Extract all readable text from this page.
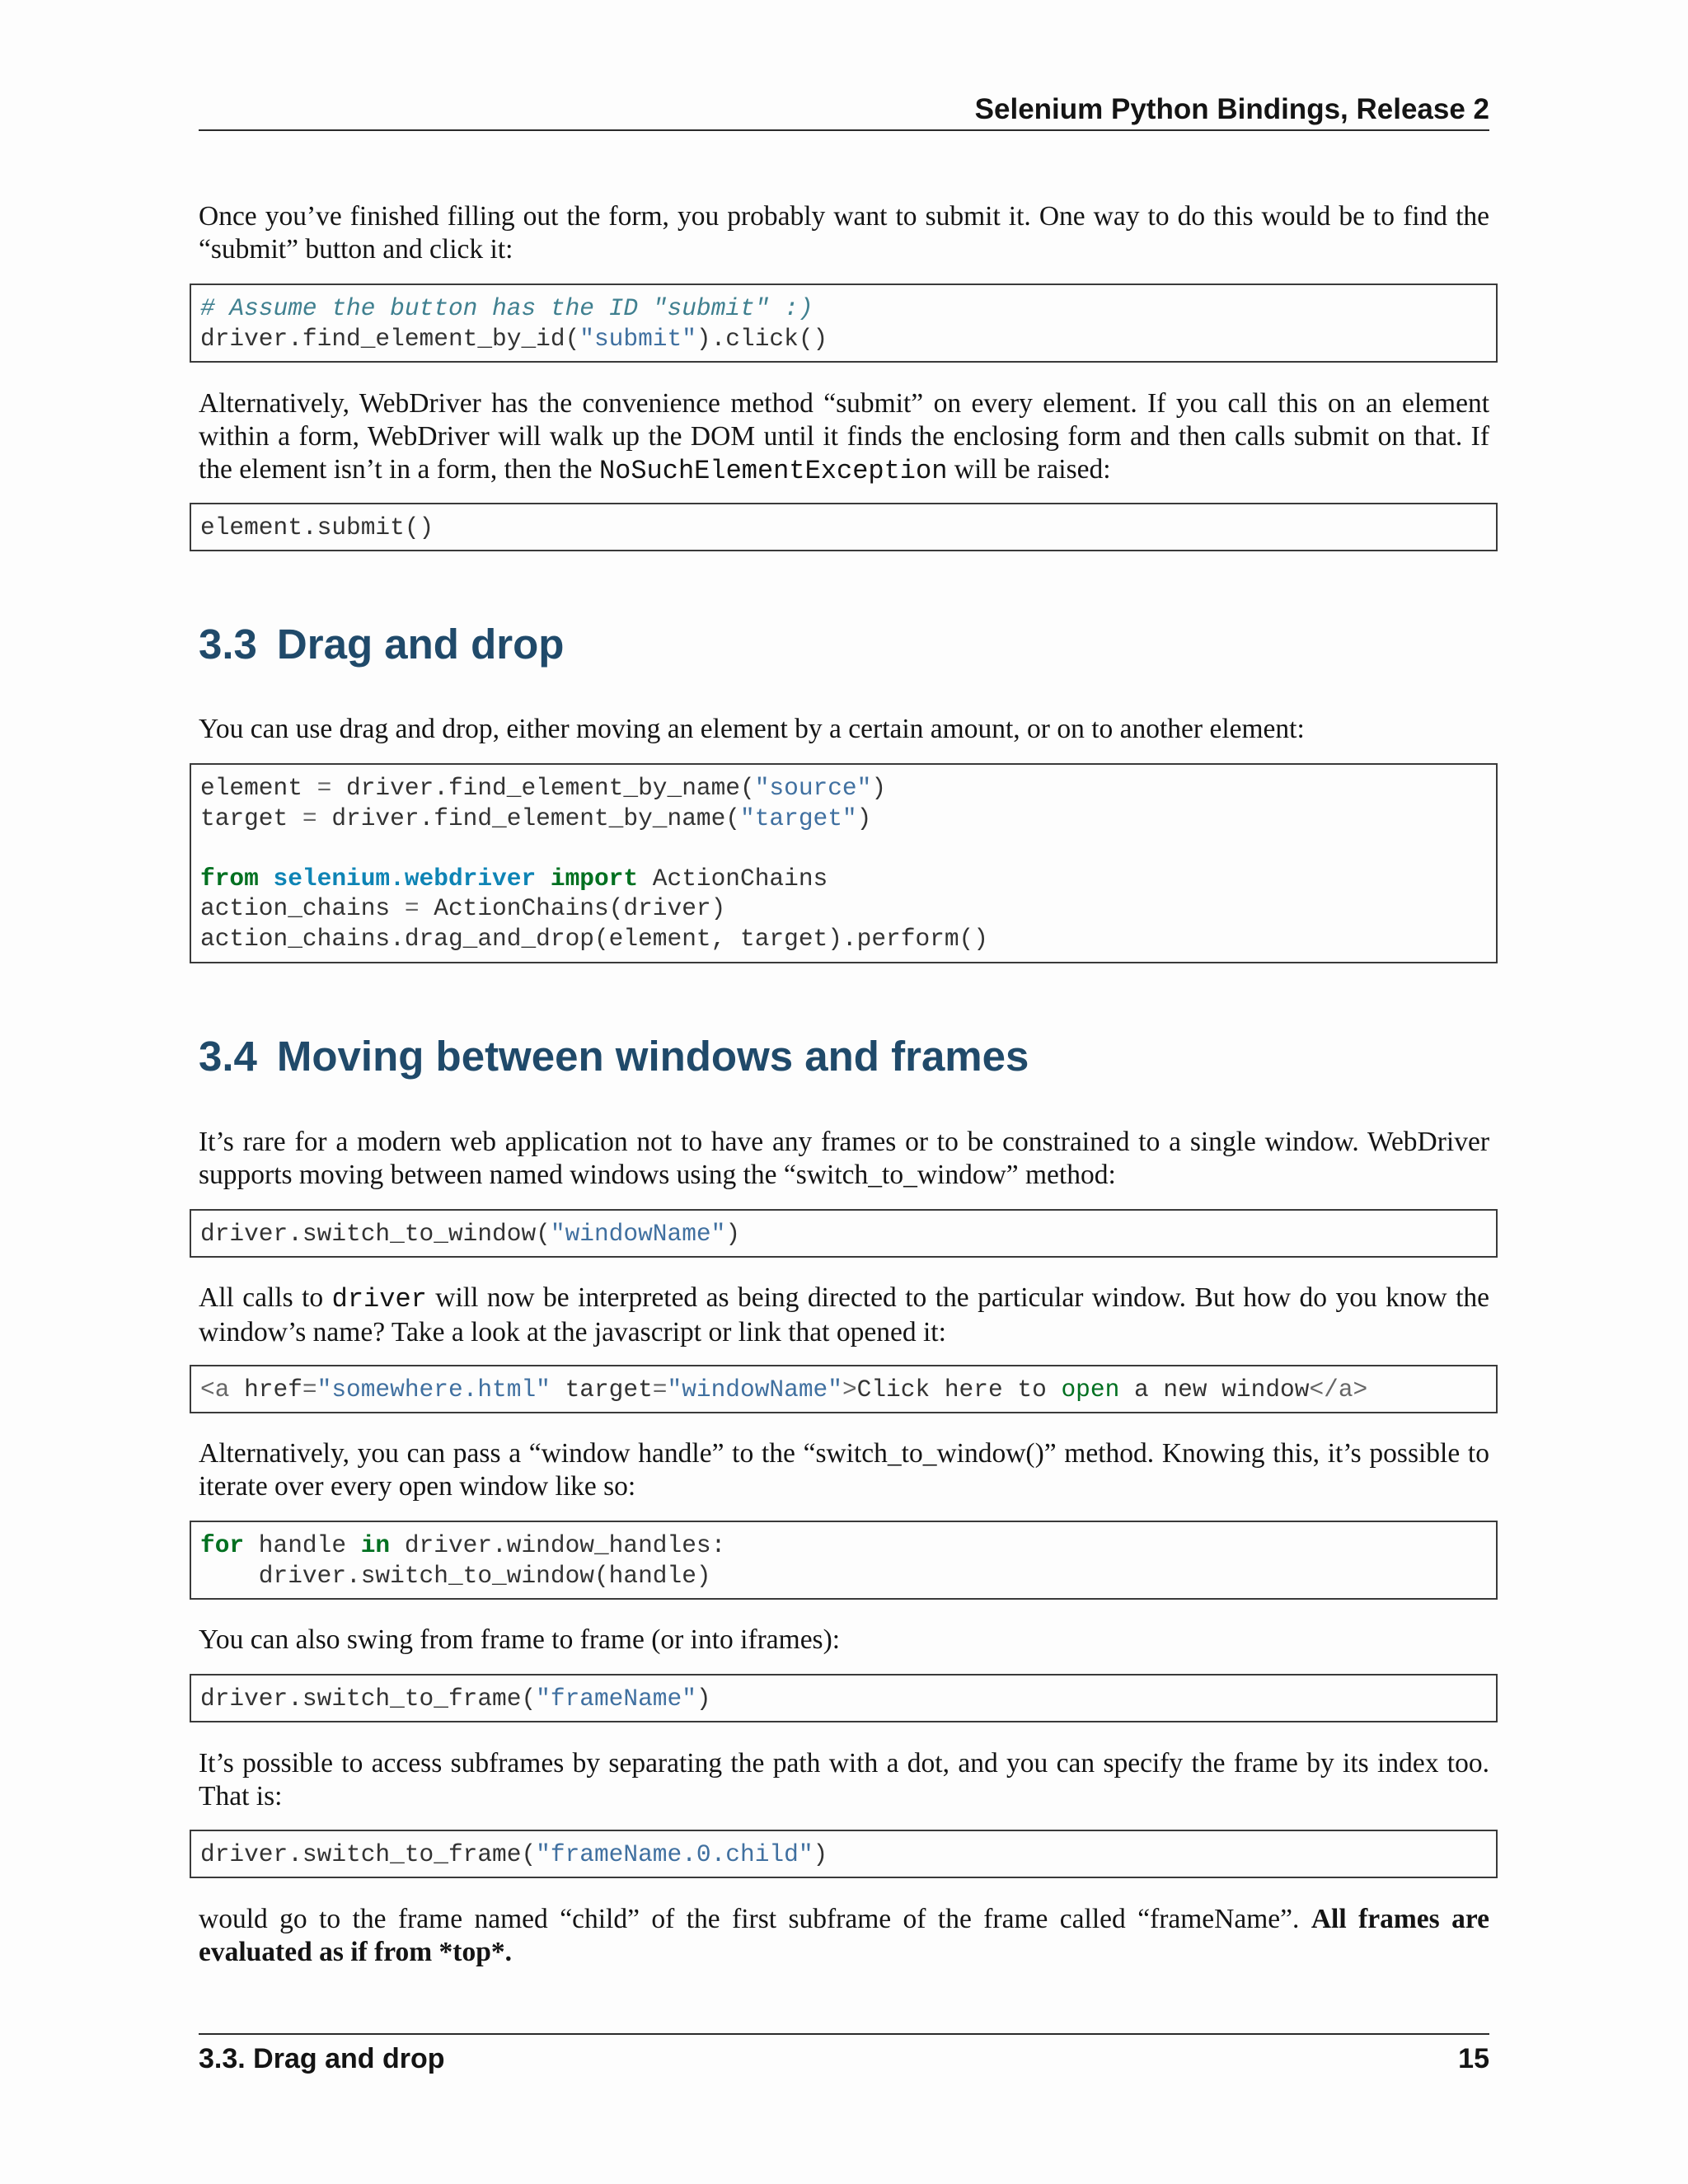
Selenium Python Bindings, Release 2
Once you’ve finished filling out the form, you probably want to submit it. One way to do this would be to find the “submit” button and click it:
# Assume the button has the ID "submit" :)
driver.find_element_by_id("submit").click()
Alternatively, WebDriver has the convenience method “submit” on every element. If you call this on an element within a form, WebDriver will walk up the DOM until it finds the enclosing form and then calls submit on that. If the element isn’t in a form, then the NoSuchElementException will be raised:
element.submit()
3.3 Drag and drop
You can use drag and drop, either moving an element by a certain amount, or on to another element:
element = driver.find_element_by_name("source")
target = driver.find_element_by_name("target")
from selenium.webdriver import ActionChains
action_chains = ActionChains(driver)
action_chains.drag_and_drop(element, target).perform()
3.4 Moving between windows and frames
It’s rare for a modern web application not to have any frames or to be constrained to a single window. WebDriver supports moving between named windows using the “switch_to_window” method:
driver.switch_to_window("windowName")
All calls to driver will now be interpreted as being directed to the particular window. But how do you know the window’s name? Take a look at the javascript or link that opened it:
<a href="somewhere.html" target="windowName">Click here to open a new window</a>
Alternatively, you can pass a “window handle” to the “switch_to_window()” method. Knowing this, it’s possible to iterate over every open window like so:
for handle in driver.window_handles:
driver.switch_to_window(handle)
You can also swing from frame to frame (or into iframes):
driver.switch_to_frame("frameName")
It’s possible to access subframes by separating the path with a dot, and you can specify the frame by its index too. That is:
driver.switch_to_frame("frameName.0.child")
would go to the frame named “child” of the first subframe of the frame called “frameName”. All frames are evaluated as if from *top*.
3.3. Drag and drop	15
